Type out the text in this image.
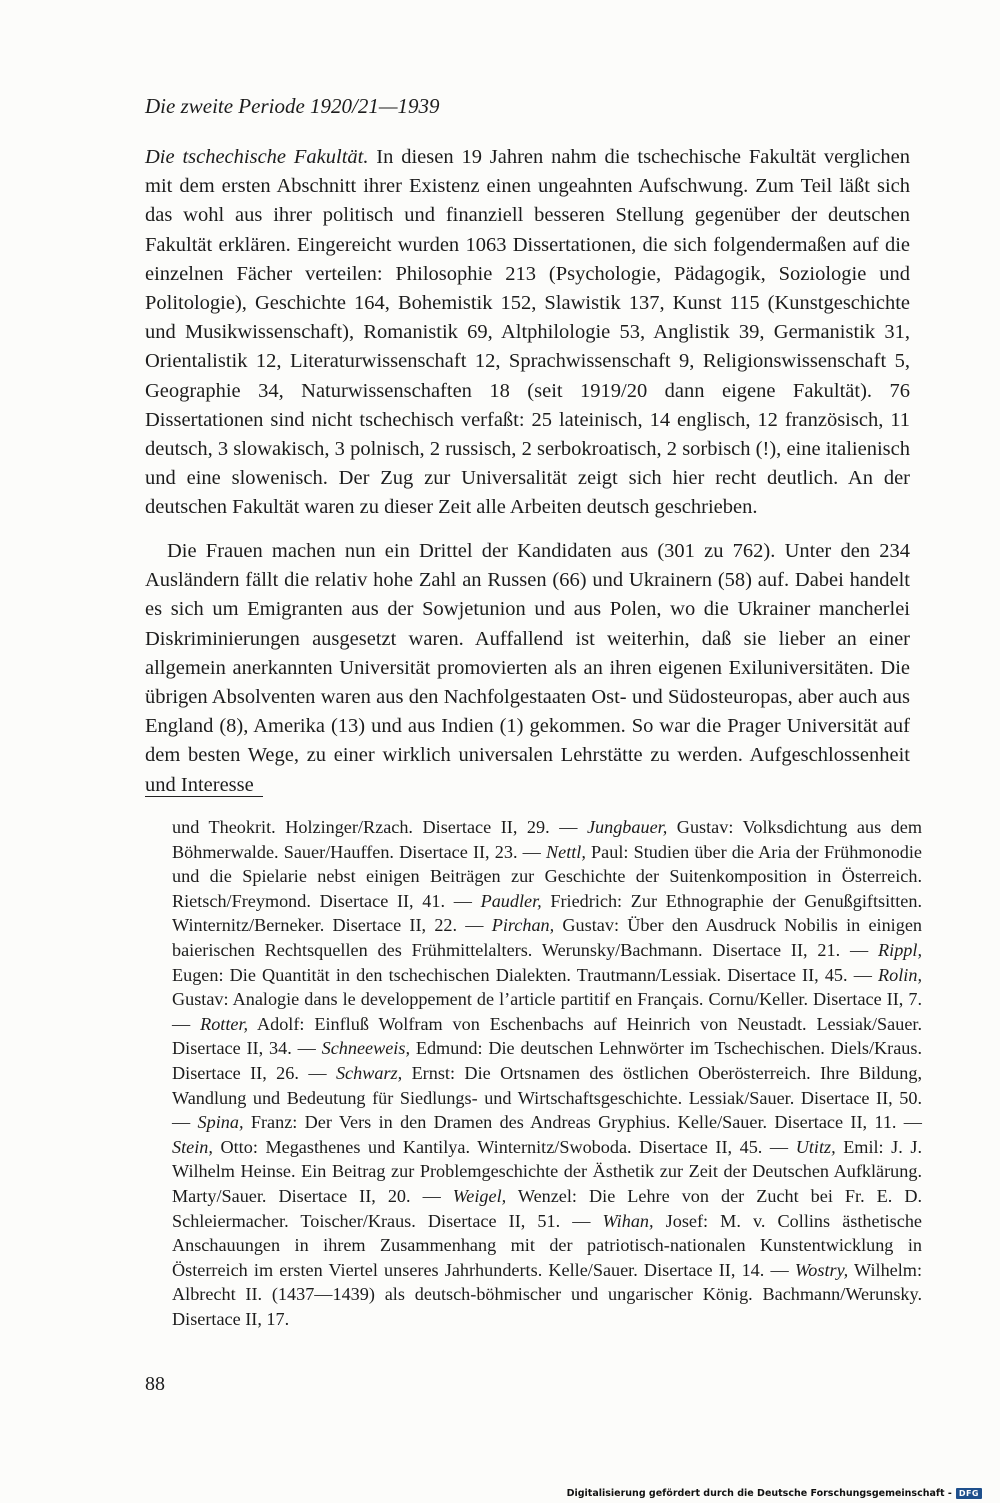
Die zweite Periode 1920/21—1939

Die tschechische Fakultät. In diesen 19 Jahren nahm die tschechische Fakultät verglichen mit dem ersten Abschnitt ihrer Existenz einen ungeahnten Aufschwung. Zum Teil läßt sich das wohl aus ihrer politisch und finanziell besseren Stellung gegenüber der deutschen Fakultät erklären. Eingereicht wurden 1063 Dissertationen, die sich folgendermaßen auf die einzelnen Fächer verteilen: Philosophie 213 (Psychologie, Pädagogik, Soziologie und Politologie), Geschichte 164, Bohemistik 152, Slawistik 137, Kunst 115 (Kunstgeschichte und Musikwissenschaft), Romanistik 69, Altphilologie 53, Anglistik 39, Germanistik 31, Orientalistik 12, Literaturwissenschaft 12, Sprachwissenschaft 9, Religionswissenschaft 5, Geographie 34, Naturwissenschaften 18 (seit 1919/20 dann eigene Fakultät). 76 Dissertationen sind nicht tschechisch verfaßt: 25 lateinisch, 14 englisch, 12 französisch, 11 deutsch, 3 slowakisch, 3 polnisch, 2 russisch, 2 serbokroatisch, 2 sorbisch (!), eine italienisch und eine slowenisch. Der Zug zur Universalität zeigt sich hier recht deutlich. An der deutschen Fakultät waren zu dieser Zeit alle Arbeiten deutsch geschrieben.

Die Frauen machen nun ein Drittel der Kandidaten aus (301 zu 762). Unter den 234 Ausländern fällt die relativ hohe Zahl an Russen (66) und Ukrainern (58) auf. Dabei handelt es sich um Emigranten aus der Sowjetunion und aus Polen, wo die Ukrainer mancherlei Diskriminierungen ausgesetzt waren. Auffallend ist weiterhin, daß sie lieber an einer allgemein anerkannten Universität promovierten als an ihren eigenen Exiluniversitäten. Die übrigen Absolventen waren aus den Nachfolgestaaten Ost- und Südosteuropas, aber auch aus England (8), Amerika (13) und aus Indien (1) gekommen. So war die Prager Universität auf dem besten Wege, zu einer wirklich universalen Lehrstätte zu werden. Aufgeschlossenheit und Interesse

und Theokrit. Holzinger/Rzach. Disertace II, 29. — Jungbauer, Gustav: Volksdichtung aus dem Böhmerwalde. Sauer/Hauffen. Disertace II, 23. — Nettl, Paul: Studien über die Aria der Frühmonodie und die Spielarie nebst einigen Beiträgen zur Geschichte der Suitenkomposition in Österreich. Rietsch/Freymond. Disertace II, 41. — Paudler, Friedrich: Zur Ethnographie der Genußgiftsitten. Winternitz/Berneker. Disertace II, 22. — Pirchan, Gustav: Über den Ausdruck Nobilis in einigen baierischen Rechtsquellen des Frühmittelalters. Werunsky/Bachmann. Disertace II, 21. — Rippl, Eugen: Die Quantität in den tschechischen Dialekten. Trautmann/Lessiak. Disertace II, 45. — Rolin, Gustav: Analogie dans le developpement de l’article partitif en Français. Cornu/Keller. Disertace II, 7. — Rotter, Adolf: Einfluß Wolfram von Eschenbachs auf Heinrich von Neustadt. Lessiak/Sauer. Disertace II, 34. — Schneeweis, Edmund: Die deutschen Lehnwörter im Tschechischen. Diels/Kraus. Disertace II, 26. — Schwarz, Ernst: Die Ortsnamen des östlichen Oberösterreich. Ihre Bildung, Wandlung und Bedeutung für Siedlungs- und Wirtschaftsgeschichte. Lessiak/Sauer. Disertace II, 50. — Spina, Franz: Der Vers in den Dramen des Andreas Gryphius. Kelle/Sauer. Disertace II, 11. — Stein, Otto: Megasthenes und Kantilya. Winternitz/Swoboda. Disertace II, 45. — Utitz, Emil: J. J. Wilhelm Heinse. Ein Beitrag zur Problemgeschichte der Ästhetik zur Zeit der Deutschen Aufklärung. Marty/Sauer. Disertace II, 20. — Weigel, Wenzel: Die Lehre von der Zucht bei Fr. E. D. Schleiermacher. Toischer/Kraus. Disertace II, 51. — Wihan, Josef: M. v. Collins ästhetische Anschauungen in ihrem Zusammenhang mit der patriotisch-nationalen Kunstentwicklung in Österreich im ersten Viertel unseres Jahrhunderts. Kelle/Sauer. Disertace II, 14. — Wostry, Wilhelm: Albrecht II. (1437—1439) als deutsch-böhmischer und ungarischer König. Bachmann/Werunsky. Disertace II, 17.

88
Digitalisierung gefördert durch die Deutsche Forschungsgemeinschaft - DFG
